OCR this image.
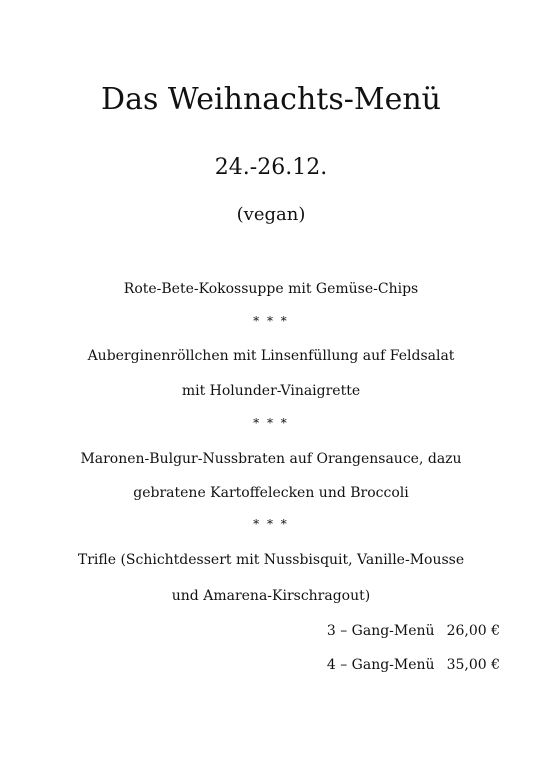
Das Weihnachts-Menü
24.-26.12.
(vegan)
Rote-Bete-Kokossuppe mit Gemüse-Chips
* * *
Auberginenröllchen mit Linsenfüllung auf Feldsalat
mit Holunder-Vinaigrette
* * *
Maronen-Bulgur-Nussbraten auf Orangensauce, dazu
gebratene Kartoffelecken und Broccoli
* * *
Trifle (Schichtdessert mit Nussbisquit, Vanille-Mousse
und Amarena-Kirschragout)
3 – Gang-Menü 26,00 €
4 – Gang-Menü 35,00 €
